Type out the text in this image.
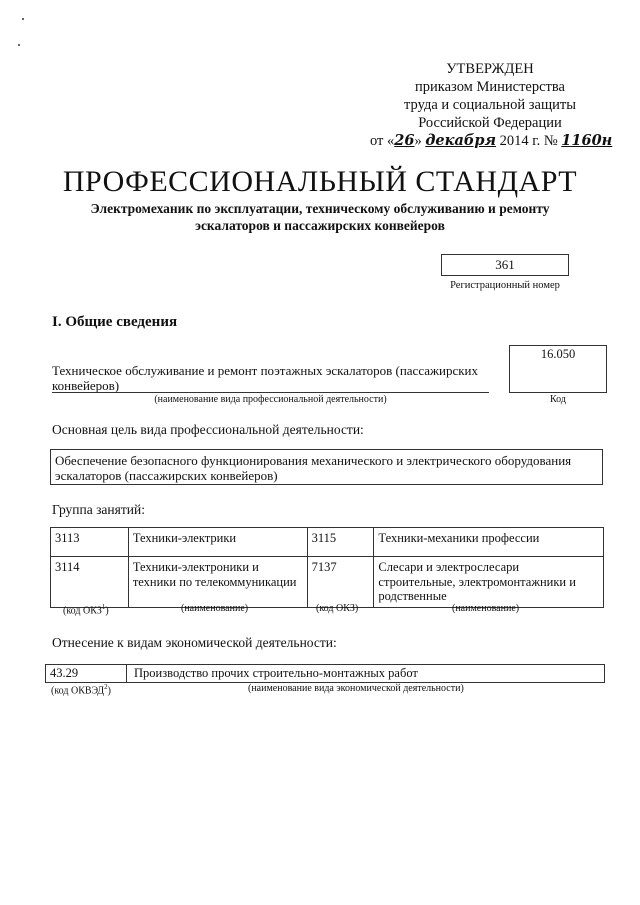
УТВЕРЖДЕН
приказом Министерства
труда и социальной защиты
Российской Федерации
от «26» декабря 2014 г. № 1160н
ПРОФЕССИОНАЛЬНЫЙ СТАНДАРТ
Электромеханик по эксплуатации, техническому обслуживанию и ремонту
эскалаторов и пассажирских конвейеров
361
Регистрационный номер
I. Общие сведения
Техническое обслуживание и ремонт поэтажных эскалаторов (пассажирских конвейеров)
(наименование вида профессиональной деятельности)
16.050
Код
Основная цель вида профессиональной деятельности:
Обеспечение безопасного функционирования механического и электрического оборудования эскалаторов (пассажирских конвейеров)
Группа занятий:
3113	Техники-электрики	3115	Техники-механики профессии
3114	Техники-электроники и техники по телекоммуникации	7137	Слесари и электрослесари строительные, электромонтажники и родственные
(код ОКЗ$^1$)	(наименование)	(код ОКЗ)	(наименование)
Отнесение к видам экономической деятельности:
43.29	Производство прочих строительно-монтажных работ
(код ОКВЭД$^2$)	(наименование вида экономической деятельности)
